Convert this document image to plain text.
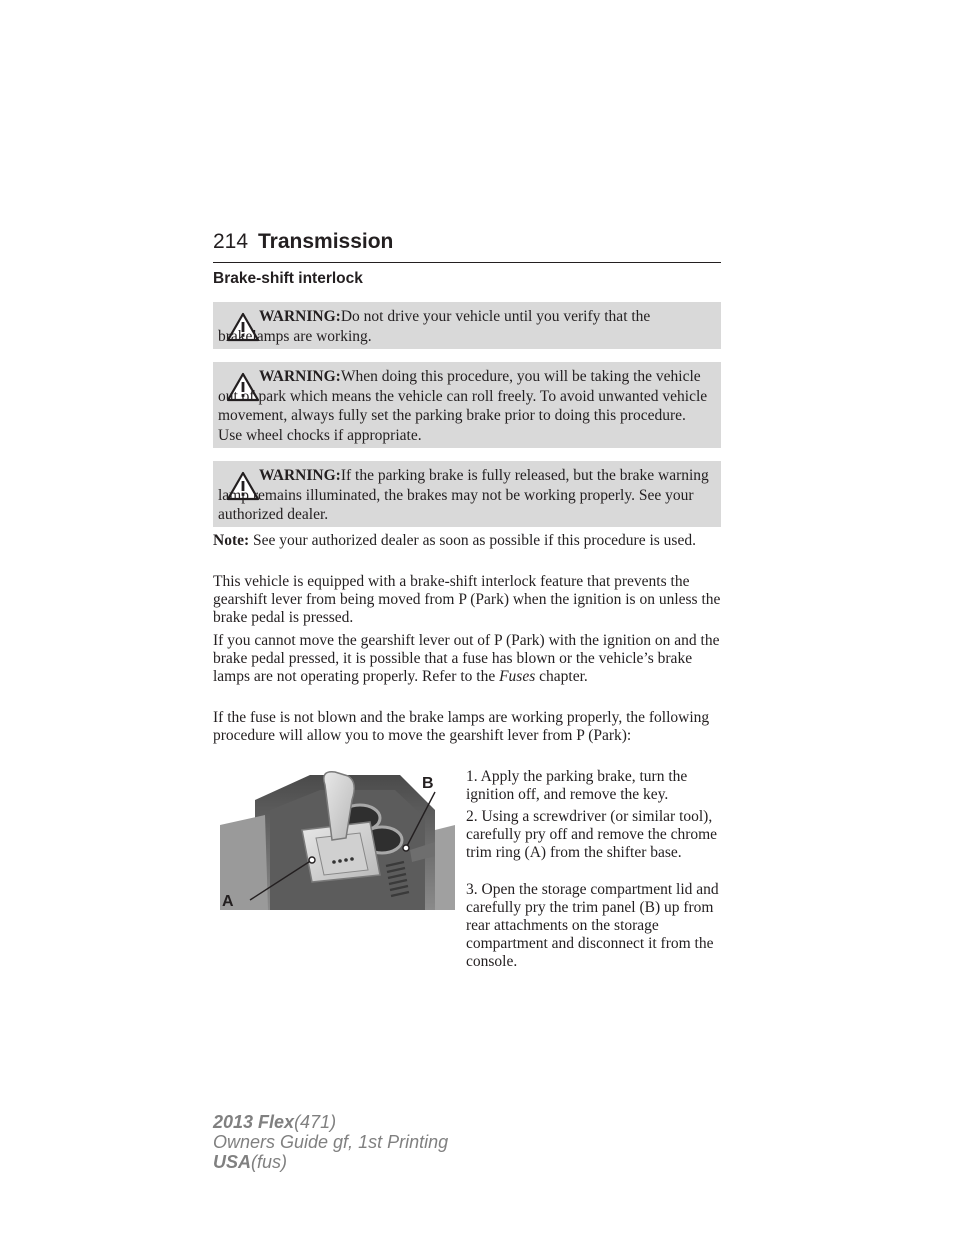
214 Transmission
Brake-shift interlock

WARNING:Do not drive your vehicle until you verify that the brakelamps are working.

WARNING:When doing this procedure, you will be taking the vehicle out of park which means the vehicle can roll freely. To avoid unwanted vehicle movement, always fully set the parking brake prior to doing this procedure. Use wheel chocks if appropriate.

WARNING:If the parking brake is fully released, but the brake warning lamp remains illuminated, the brakes may not be working properly. See your authorized dealer.

Note: See your authorized dealer as soon as possible if this procedure is used.

This vehicle is equipped with a brake-shift interlock feature that prevents the gearshift lever from being moved from P (Park) when the ignition is on unless the brake pedal is pressed.

If you cannot move the gearshift lever out of P (Park) with the ignition on and the brake pedal pressed, it is possible that a fuse has blown or the vehicle’s brake lamps are not operating properly. Refer to the Fuses chapter.

If the fuse is not blown and the brake lamps are working properly, the following procedure will allow you to move the gearshift lever from P (Park):

1. Apply the parking brake, turn the ignition off, and remove the key.

2. Using a screwdriver (or similar tool), carefully pry off and remove the chrome trim ring (A) from the shifter base.

3. Open the storage compartment lid and carefully pry the trim panel (B) up from rear attachments on the storage compartment and disconnect it from the console.

A
B
2013 Flex(471)
Owners Guide gf, 1st Printing
USA(fus)
